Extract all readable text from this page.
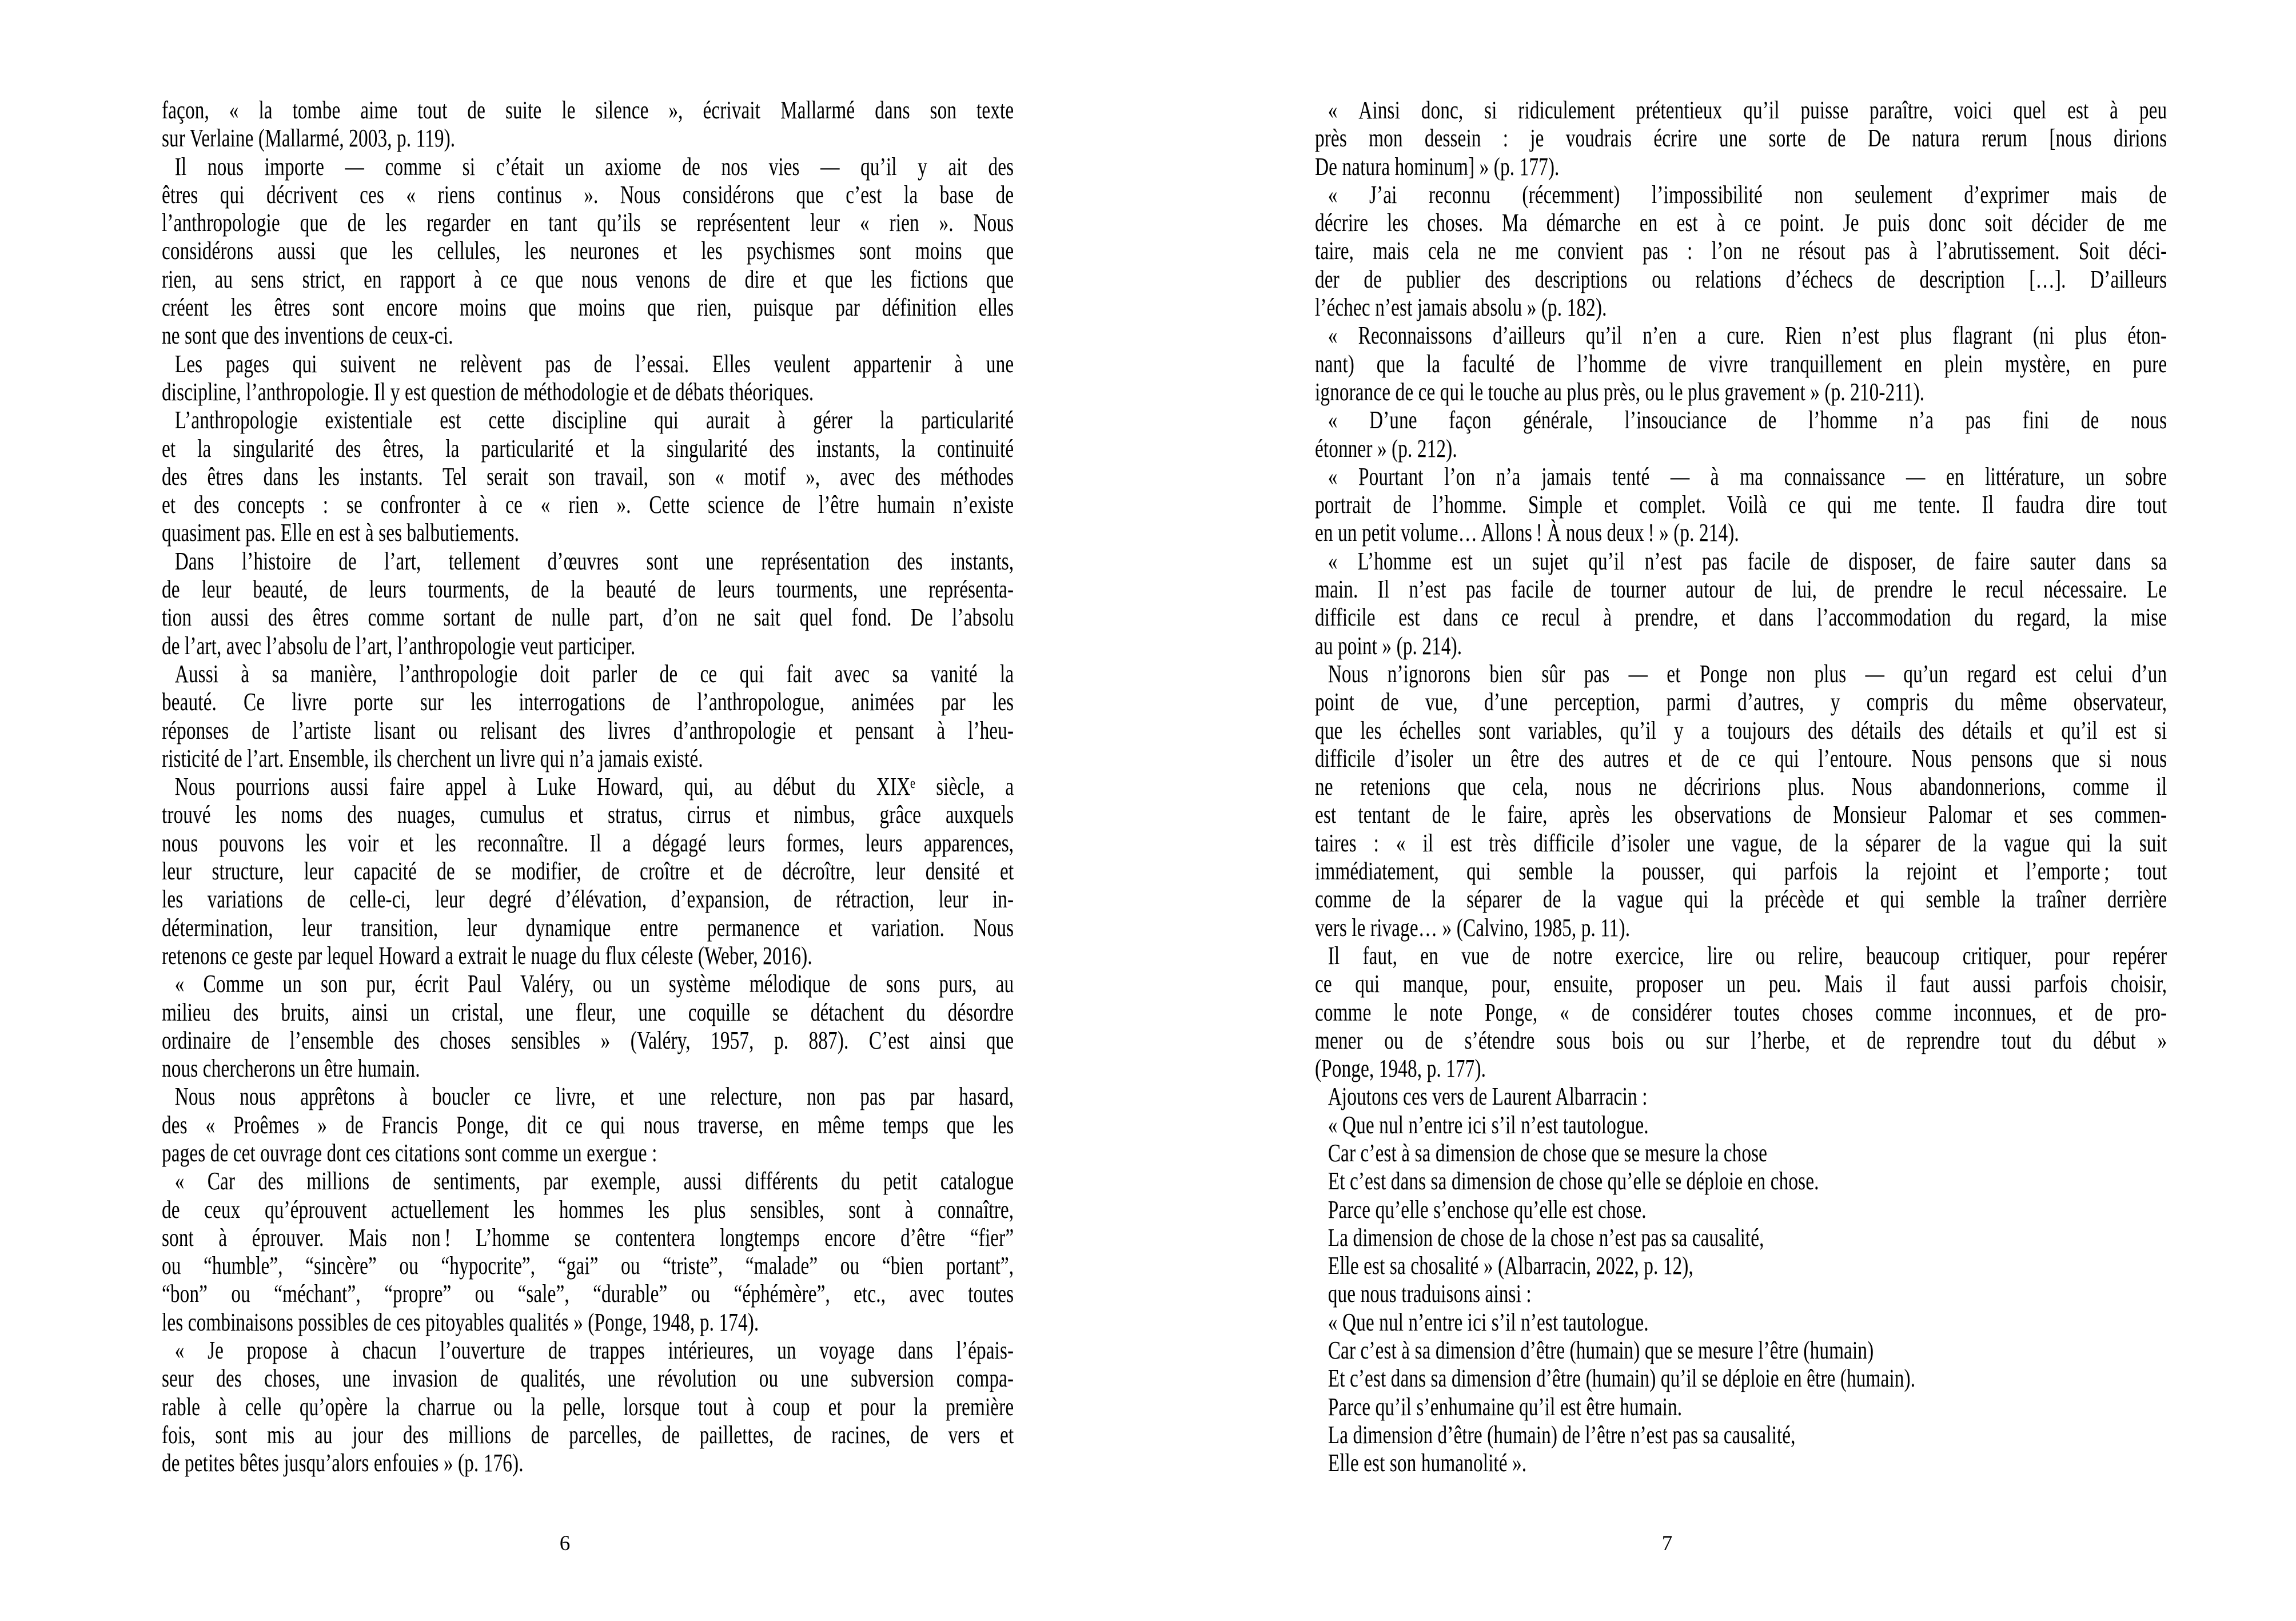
façon, « la tombe aime tout de suite le silence », écrivait Mallarmé dans son texte
sur Verlaine (Mallarmé, 2003, p. 119).
Il nous importe — comme si c’était un axiome de nos vies — qu’il y ait des
êtres qui décrivent ces « riens continus ». Nous considérons que c’est la base de
l’anthropologie que de les regarder en tant qu’ils se représentent leur « rien ». Nous
considérons aussi que les cellules, les neurones et les psychismes sont moins que
rien, au sens strict, en rapport à ce que nous venons de dire et que les fictions que
créent les êtres sont encore moins que moins que rien, puisque par définition elles
ne sont que des inventions de ceux-ci.
Les pages qui suivent ne relèvent pas de l’essai. Elles veulent appartenir à une
discipline, l’anthropologie. Il y est question de méthodologie et de débats théoriques.
L’anthropologie existentiale est cette discipline qui aurait à gérer la particularité
et la singularité des êtres, la particularité et la singularité des instants, la continuité
des êtres dans les instants. Tel serait son travail, son « motif », avec des méthodes
et des concepts : se confronter à ce « rien ». Cette science de l’être humain n’existe
quasiment pas. Elle en est à ses balbutiements.
Dans l’histoire de l’art, tellement d’œuvres sont une représentation des instants,
de leur beauté, de leurs tourments, de la beauté de leurs tourments, une représenta-
tion aussi des êtres comme sortant de nulle part, d’on ne sait quel fond. De l’absolu
de l’art, avec l’absolu de l’art, l’anthropologie veut participer.
Aussi à sa manière, l’anthropologie doit parler de ce qui fait avec sa vanité la
beauté. Ce livre porte sur les interrogations de l’anthropologue, animées par les
réponses de l’artiste lisant ou relisant des livres d’anthropologie et pensant à l’heu-
risticité de l’art. Ensemble, ils cherchent un livre qui n’a jamais existé.
Nous pourrions aussi faire appel à Luke Howard, qui, au début du XIXᵉ siècle, a
trouvé les noms des nuages, cumulus et stratus, cirrus et nimbus, grâce auxquels
nous pouvons les voir et les reconnaître. Il a dégagé leurs formes, leurs apparences,
leur structure, leur capacité de se modifier, de croître et de décroître, leur densité et
les variations de celle-ci, leur degré d’élévation, d’expansion, de rétraction, leur in-
détermination, leur transition, leur dynamique entre permanence et variation. Nous
retenons ce geste par lequel Howard a extrait le nuage du flux céleste (Weber, 2016).
« Comme un son pur, écrit Paul Valéry, ou un système mélodique de sons purs, au
milieu des bruits, ainsi un cristal, une fleur, une coquille se détachent du désordre
ordinaire de l’ensemble des choses sensibles » (Valéry, 1957, p. 887). C’est ainsi que
nous chercherons un être humain.
Nous nous apprêtons à boucler ce livre, et une relecture, non pas par hasard,
des « Proêmes » de Francis Ponge, dit ce qui nous traverse, en même temps que les
pages de cet ouvrage dont ces citations sont comme un exergue :
« Car des millions de sentiments, par exemple, aussi différents du petit catalogue
de ceux qu’éprouvent actuellement les hommes les plus sensibles, sont à connaître,
sont à éprouver. Mais non ! L’homme se contentera longtemps encore d’être “fier”
ou “humble”, “sincère” ou “hypocrite”, “gai” ou “triste”, “malade” ou “bien portant”,
“bon” ou “méchant”, “propre” ou “sale”, “durable” ou “éphémère”, etc., avec toutes
les combinaisons possibles de ces pitoyables qualités » (Ponge, 1948, p. 174).
« Je propose à chacun l’ouverture de trappes intérieures, un voyage dans l’épais-
seur des choses, une invasion de qualités, une révolution ou une subversion compa-
rable à celle qu’opère la charrue ou la pelle, lorsque tout à coup et pour la première
fois, sont mis au jour des millions de parcelles, de paillettes, de racines, de vers et
de petites bêtes jusqu’alors enfouies » (p. 176).
6
« Ainsi donc, si ridiculement prétentieux qu’il puisse paraître, voici quel est à peu
près mon dessein : je voudrais écrire une sorte de De natura rerum [nous dirions
De natura hominum] » (p. 177).
« J’ai reconnu (récemment) l’impossibilité non seulement d’exprimer mais de
décrire les choses. Ma démarche en est à ce point. Je puis donc soit décider de me
taire, mais cela ne me convient pas : l’on ne résout pas à l’abrutissement. Soit déci-
der de publier des descriptions ou relations d’échecs de description […]. D’ailleurs
l’échec n’est jamais absolu » (p. 182).
« Reconnaissons d’ailleurs qu’il n’en a cure. Rien n’est plus flagrant (ni plus éton-
nant) que la faculté de l’homme de vivre tranquillement en plein mystère, en pure
ignorance de ce qui le touche au plus près, ou le plus gravement » (p. 210-211).
« D’une façon générale, l’insouciance de l’homme n’a pas fini de nous
étonner » (p. 212).
« Pourtant l’on n’a jamais tenté — à ma connaissance — en littérature, un sobre
portrait de l’homme. Simple et complet. Voilà ce qui me tente. Il faudra dire tout
en un petit volume… Allons ! À nous deux ! » (p. 214).
« L’homme est un sujet qu’il n’est pas facile de disposer, de faire sauter dans sa
main. Il n’est pas facile de tourner autour de lui, de prendre le recul nécessaire. Le
difficile est dans ce recul à prendre, et dans l’accommodation du regard, la mise
au point » (p. 214).
Nous n’ignorons bien sûr pas — et Ponge non plus — qu’un regard est celui d’un
point de vue, d’une perception, parmi d’autres, y compris du même observateur,
que les échelles sont variables, qu’il y a toujours des détails des détails et qu’il est si
difficile d’isoler un être des autres et de ce qui l’entoure. Nous pensons que si nous
ne retenions que cela, nous ne décririons plus. Nous abandonnerions, comme il
est tentant de le faire, après les observations de Monsieur Palomar et ses commen-
taires : « il est très difficile d’isoler une vague, de la séparer de la vague qui la suit
immédiatement, qui semble la pousser, qui parfois la rejoint et l’emporte ; tout
comme de la séparer de la vague qui la précède et qui semble la traîner derrière
vers le rivage… » (Calvino, 1985, p. 11).
Il faut, en vue de notre exercice, lire ou relire, beaucoup critiquer, pour repérer
ce qui manque, pour, ensuite, proposer un peu. Mais il faut aussi parfois choisir,
comme le note Ponge, « de considérer toutes choses comme inconnues, et de pro-
mener ou de s’étendre sous bois ou sur l’herbe, et de reprendre tout du début »
(Ponge, 1948, p. 177).
Ajoutons ces vers de Laurent Albarracin :
« Que nul n’entre ici s’il n’est tautologue.
Car c’est à sa dimension de chose que se mesure la chose
Et c’est dans sa dimension de chose qu’elle se déploie en chose.
Parce qu’elle s’enchose qu’elle est chose.
La dimension de chose de la chose n’est pas sa causalité,
Elle est sa chosalité » (Albarracin, 2022, p. 12),
que nous traduisons ainsi :
« Que nul n’entre ici s’il n’est tautologue.
Car c’est à sa dimension d’être (humain) que se mesure l’être (humain)
Et c’est dans sa dimension d’être (humain) qu’il se déploie en être (humain).
Parce qu’il s’enhumaine qu’il est être humain.
La dimension d’être (humain) de l’être n’est pas sa causalité,
Elle est son humanolité ».
7
